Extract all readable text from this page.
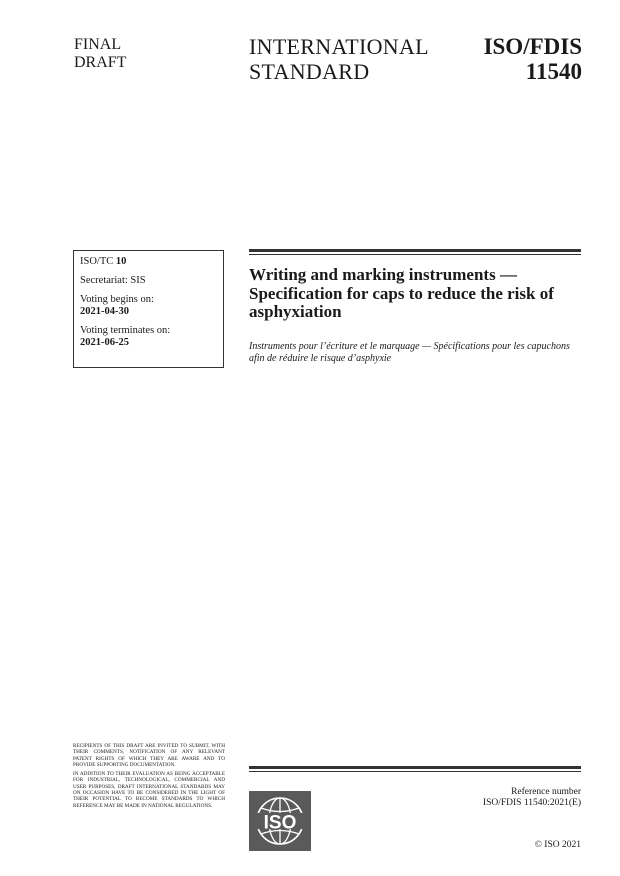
FINAL
DRAFT
INTERNATIONAL
STANDARD
ISO/FDIS
11540
ISO/TC 10
Secretariat: SIS
Voting begins on:
2021-04-30
Voting terminates on:
2021-06-25
Writing and marking instruments — Specification for caps to reduce the risk of asphyxiation
Instruments pour l’écriture et le marquage — Spécifications pour les capuchons afin de réduire le risque d’asphyxie

RECIPIENTS OF THIS DRAFT ARE INVITED TO SUBMIT, WITH THEIR COMMENTS, NOTIFICATION OF ANY RELEVANT PATENT RIGHTS OF WHICH THEY ARE AWARE AND TO PROVIDE SUPPORTING DOCUMENTATION.

IN ADDITION TO THEIR EVALUATION AS BEING ACCEPTABLE FOR INDUSTRIAL, TECHNOLOGICAL, COMMERCIAL AND USER PURPOSES, DRAFT INTERNATIONAL STANDARDS MAY ON OCCASION HAVE TO BE CONSIDERED IN THE LIGHT OF THEIR POTENTIAL TO BECOME STANDARDS TO WHICH REFERENCE MAY BE MADE IN NATIONAL REGULATIONS.

ISO
Reference number
ISO/FDIS 11540:2021(E)
© ISO 2021
